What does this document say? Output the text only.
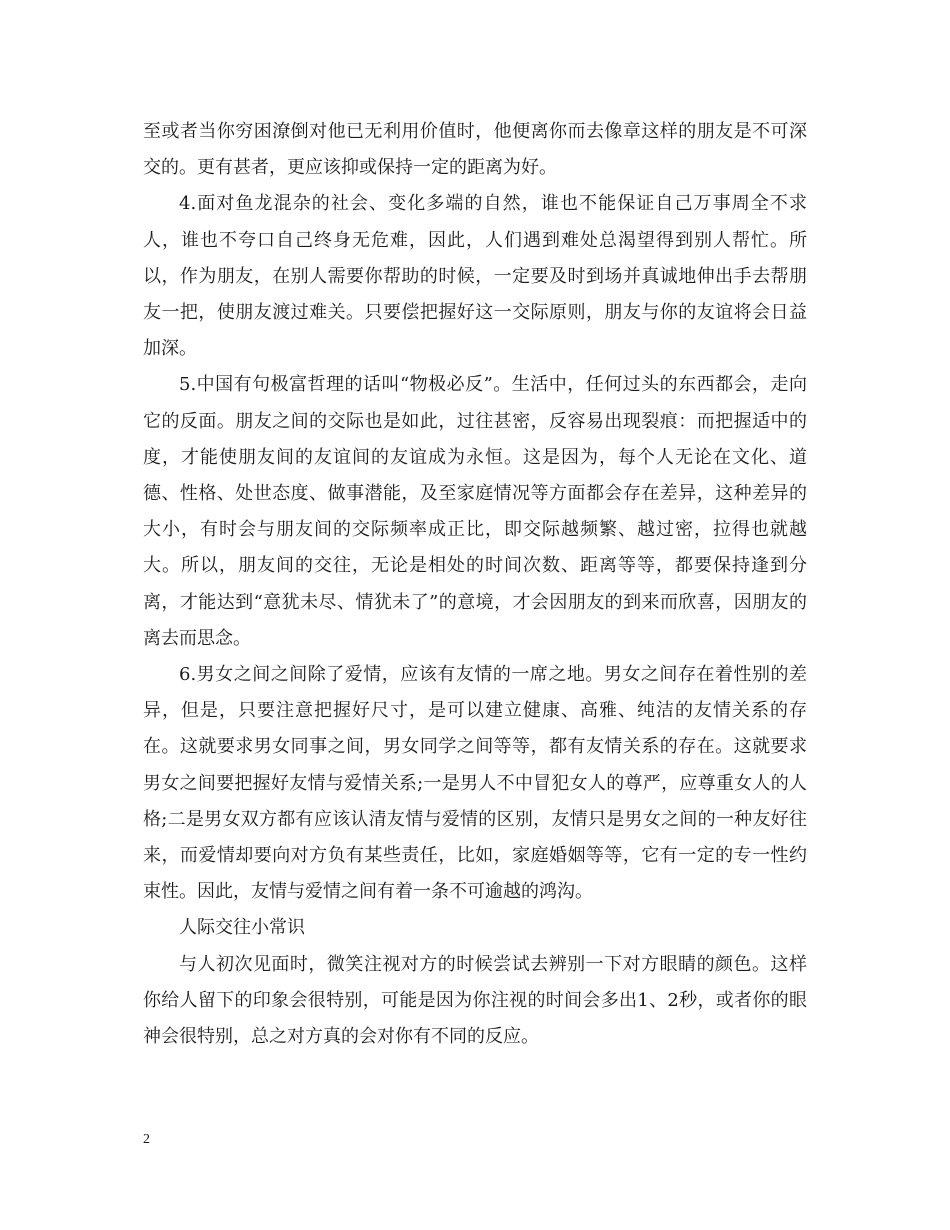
至或者当你穷困潦倒对他已无利用价值时，他便离你而去像章这样的朋友是不可深交的。更有甚者，更应该抑或保持一定的距离为好。

4.面对鱼龙混杂的社会、变化多端的自然，谁也不能保证自己万事周全不求人，谁也不夸口自己终身无危难，因此，人们遇到难处总渴望得到别人帮忙。所以，作为朋友，在别人需要你帮助的时候，一定要及时到场并真诚地伸出手去帮朋友一把，使朋友渡过难关。只要偿把握好这一交际原则，朋友与你的友谊将会日益加深。

5.中国有句极富哲理的话叫“物极必反”。生活中，任何过头的东西都会，走向它的反面。朋友之间的交际也是如此，过往甚密，反容易出现裂痕：而把握适中的度，才能使朋友间的友谊间的友谊成为永恒。这是因为，每个人无论在文化、道德、性格、处世态度、做事潜能，及至家庭情况等方面都会存在差异，这种差异的大小，有时会与朋友间的交际频率成正比，即交际越频繁、越过密，拉得也就越大。所以，朋友间的交往，无论是相处的时间次数、距离等等，都要保持逢到分离，才能达到“意犹未尽、情犹未了”的意境，才会因朋友的到来而欣喜，因朋友的离去而思念。

6.男女之间之间除了爱情，应该有友情的一席之地。男女之间存在着性别的差异，但是，只要注意把握好尺寸，是可以建立健康、高雅、纯洁的友情关系的存在。这就要求男女同事之间，男女同学之间等等，都有友情关系的存在。这就要求男女之间要把握好友情与爱情关系;一是男人不中冒犯女人的尊严，应尊重女人的人格;二是男女双方都有应该认清友情与爱情的区别，友情只是男女之间的一种友好往来，而爱情却要向对方负有某些责任，比如，家庭婚姻等等，它有一定的专一性约束性。因此，友情与爱情之间有着一条不可逾越的鸿沟。

人际交往小常识

与人初次见面时，微笑注视对方的时候尝试去辨别一下对方眼睛的颜色。这样你给人留下的印象会很特别，可能是因为你注视的时间会多出1、2秒，或者你的眼神会很特别，总之对方真的会对你有不同的反应。

2
